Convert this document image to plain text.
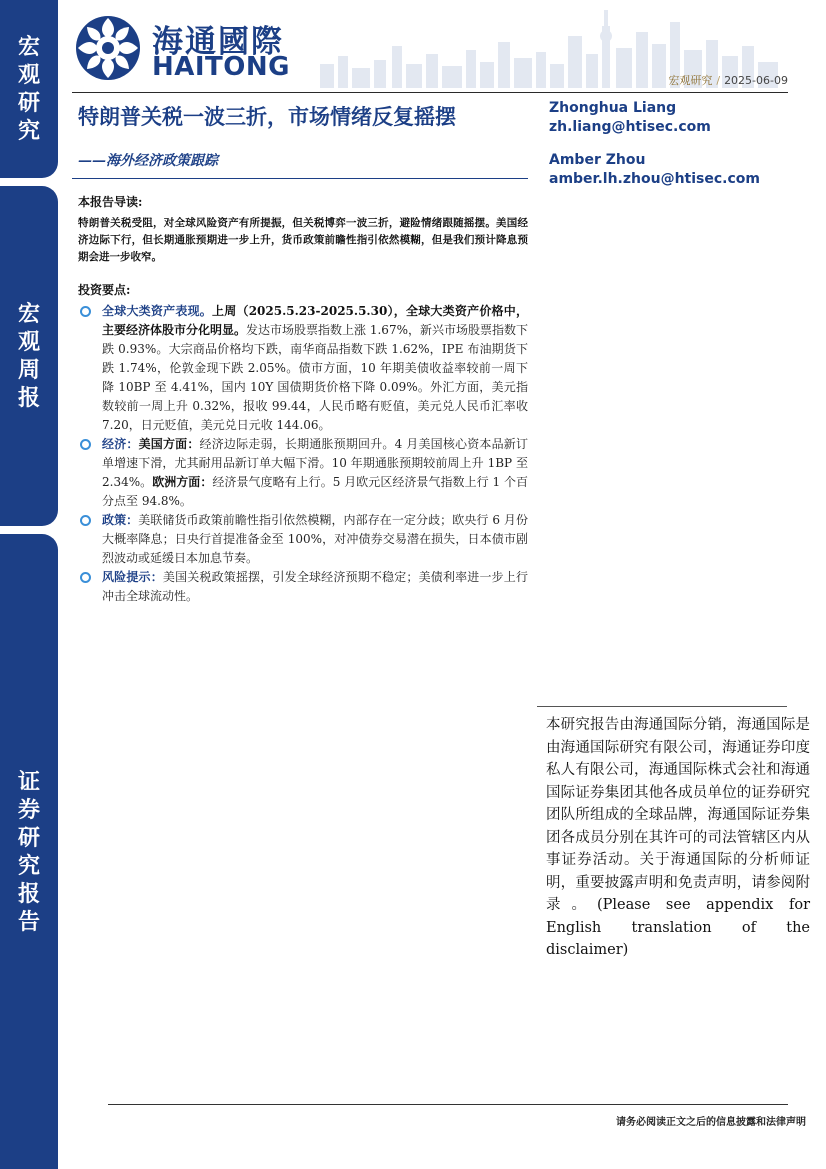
宏观研究
宏观周报
证券研究报告
海通國際
HAITONG	宏观研究 / 2025-06-09
特朗普关税一波三折，市场情绪反复摇摆
——海外经济政策跟踪
Zhonghua Liang
zh.liang@htisec.com
Amber Zhou
amber.lh.zhou@htisec.com
本报告导读:
特朗普关税受阻，对全球风险资产有所提振，但关税博弈一波三折，避险情绪跟随摇摆。美国经济边际下行，但长期通胀预期进一步上升，货币政策前瞻性指引依然模糊，但是我们预计降息预期会进一步收窄。
投资要点:
全球大类资产表现。上周（2025.5.23-2025.5.30），全球大类资产价格中，主要经济体股市分化明显。发达市场股票指数上涨 1.67%，新兴市场股票指数下跌 0.93%。大宗商品价格均下跌，南华商品指数下跌 1.62%，IPE 布油期货下跌 1.74%，伦敦金现下跌 2.05%。债市方面，10 年期美债收益率较前一周下降 10BP 至 4.41%，国内 10Y 国债期货价格下降 0.09%。外汇方面，美元指数较前一周上升 0.32%，报收 99.44，人民币略有贬值，美元兑人民币汇率收 7.20，日元贬值，美元兑日元收 144.06。
经济：美国方面：经济边际走弱，长期通胀预期回升。4 月美国核心资本品新订单增速下滑，尤其耐用品新订单大幅下滑。10 年期通胀预期较前周上升 1BP 至 2.34%。欧洲方面：经济景气度略有上行。5 月欧元区经济景气指数上行 1 个百分点至 94.8%。
政策：美联储货币政策前瞻性指引依然模糊，内部存在一定分歧；欧央行 6 月份大概率降息；日央行首提准备金至 100%，对冲债券交易潜在损失，日本债市剧烈波动或延缓日本加息节奏。
风险提示：美国关税政策摇摆，引发全球经济预期不稳定；美债利率进一步上行冲击全球流动性。
本研究报告由海通国际分销，海通国际是由海通国际研究有限公司，海通证券印度私人有限公司，海通国际株式会社和海通国际证券集团其他各成员单位的证券研究团队所组成的全球品牌，海通国际证券集团各成员分别在其许可的司法管辖区内从事证券活动。关于海通国际的分析师证明，重要披露声明和免责声明，请参阅附录。(Please see appendix for English translation of the disclaimer)
请务必阅读正文之后的信息披露和法律声明
